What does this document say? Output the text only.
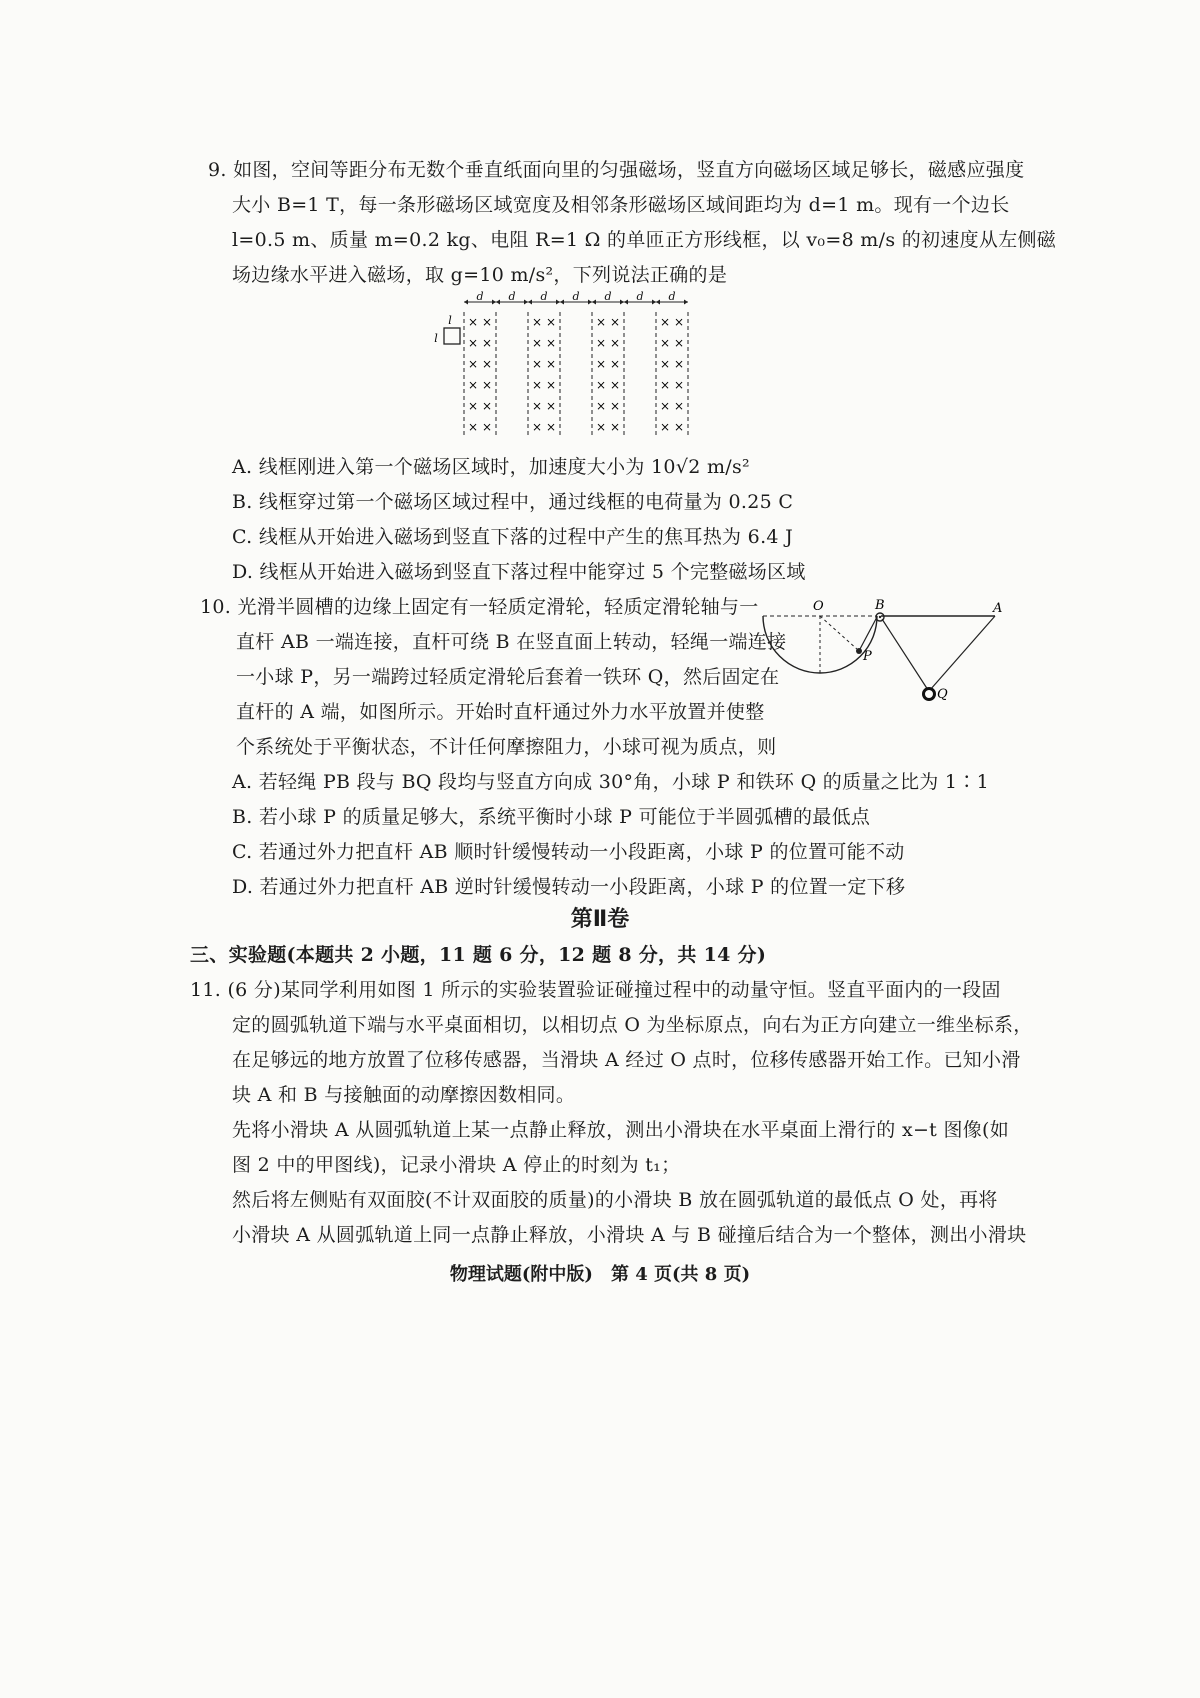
9. 如图，空间等距分布无数个垂直纸面向里的匀强磁场，竖直方向磁场区域足够长，磁感应强度
大小 B=1 T，每一条形磁场区域宽度及相邻条形磁场区域间距均为 d=1 m。现有一个边长
l=0.5 m、质量 m=0.2 kg、电阻 R=1 Ω 的单匝正方形线框，以 v₀=8 m/s 的初速度从左侧磁
场边缘水平进入磁场，取 g=10 m/s²，下列说法正确的是
× ×
× ×
× ×
× ×
× ×
× ×
× ×
× ×
× ×
× ×
× ×
× ×
× ×
× ×
× ×
× ×
× ×
× ×
× ×
× ×
× ×
× ×
× ×
× ×
d d d d d d d
l
l
A. 线框刚进入第一个磁场区域时，加速度大小为 10√2 m/s²
B. 线框穿过第一个磁场区域过程中，通过线框的电荷量为 0.25 C
C. 线框从开始进入磁场到竖直下落的过程中产生的焦耳热为 6.4 J
D. 线框从开始进入磁场到竖直下落过程中能穿过 5 个完整磁场区域
10. 光滑半圆槽的边缘上固定有一轻质定滑轮，轻质定滑轮轴与一
直杆 AB 一端连接，直杆可绕 B 在竖直面上转动，轻绳一端连接
一小球 P，另一端跨过轻质定滑轮后套着一铁环 Q，然后固定在
直杆的 A 端，如图所示。开始时直杆通过外力水平放置并使整
个系统处于平衡状态，不计任何摩擦阻力，小球可视为质点，则
O	B	A
P
Q
A. 若轻绳 PB 段与 BQ 段均与竖直方向成 30°角，小球 P 和铁环 Q 的质量之比为 1∶1
B. 若小球 P 的质量足够大，系统平衡时小球 P 可能位于半圆弧槽的最低点
C. 若通过外力把直杆 AB 顺时针缓慢转动一小段距离，小球 P 的位置可能不动
D. 若通过外力把直杆 AB 逆时针缓慢转动一小段距离，小球 P 的位置一定下移
第Ⅱ卷
三、实验题(本题共 2 小题，11 题 6 分，12 题 8 分，共 14 分)
11. (6 分)某同学利用如图 1 所示的实验装置验证碰撞过程中的动量守恒。竖直平面内的一段固
定的圆弧轨道下端与水平桌面相切，以相切点 O 为坐标原点，向右为正方向建立一维坐标系，
在足够远的地方放置了位移传感器，当滑块 A 经过 O 点时，位移传感器开始工作。已知小滑
块 A 和 B 与接触面的动摩擦因数相同。
先将小滑块 A 从圆弧轨道上某一点静止释放，测出小滑块在水平桌面上滑行的 x−t 图像(如
图 2 中的甲图线)，记录小滑块 A 停止的时刻为 t₁；
然后将左侧贴有双面胶(不计双面胶的质量)的小滑块 B 放在圆弧轨道的最低点 O 处，再将
小滑块 A 从圆弧轨道上同一点静止释放，小滑块 A 与 B 碰撞后结合为一个整体，测出小滑块
物理试题(附中版)　第 4 页(共 8 页)
